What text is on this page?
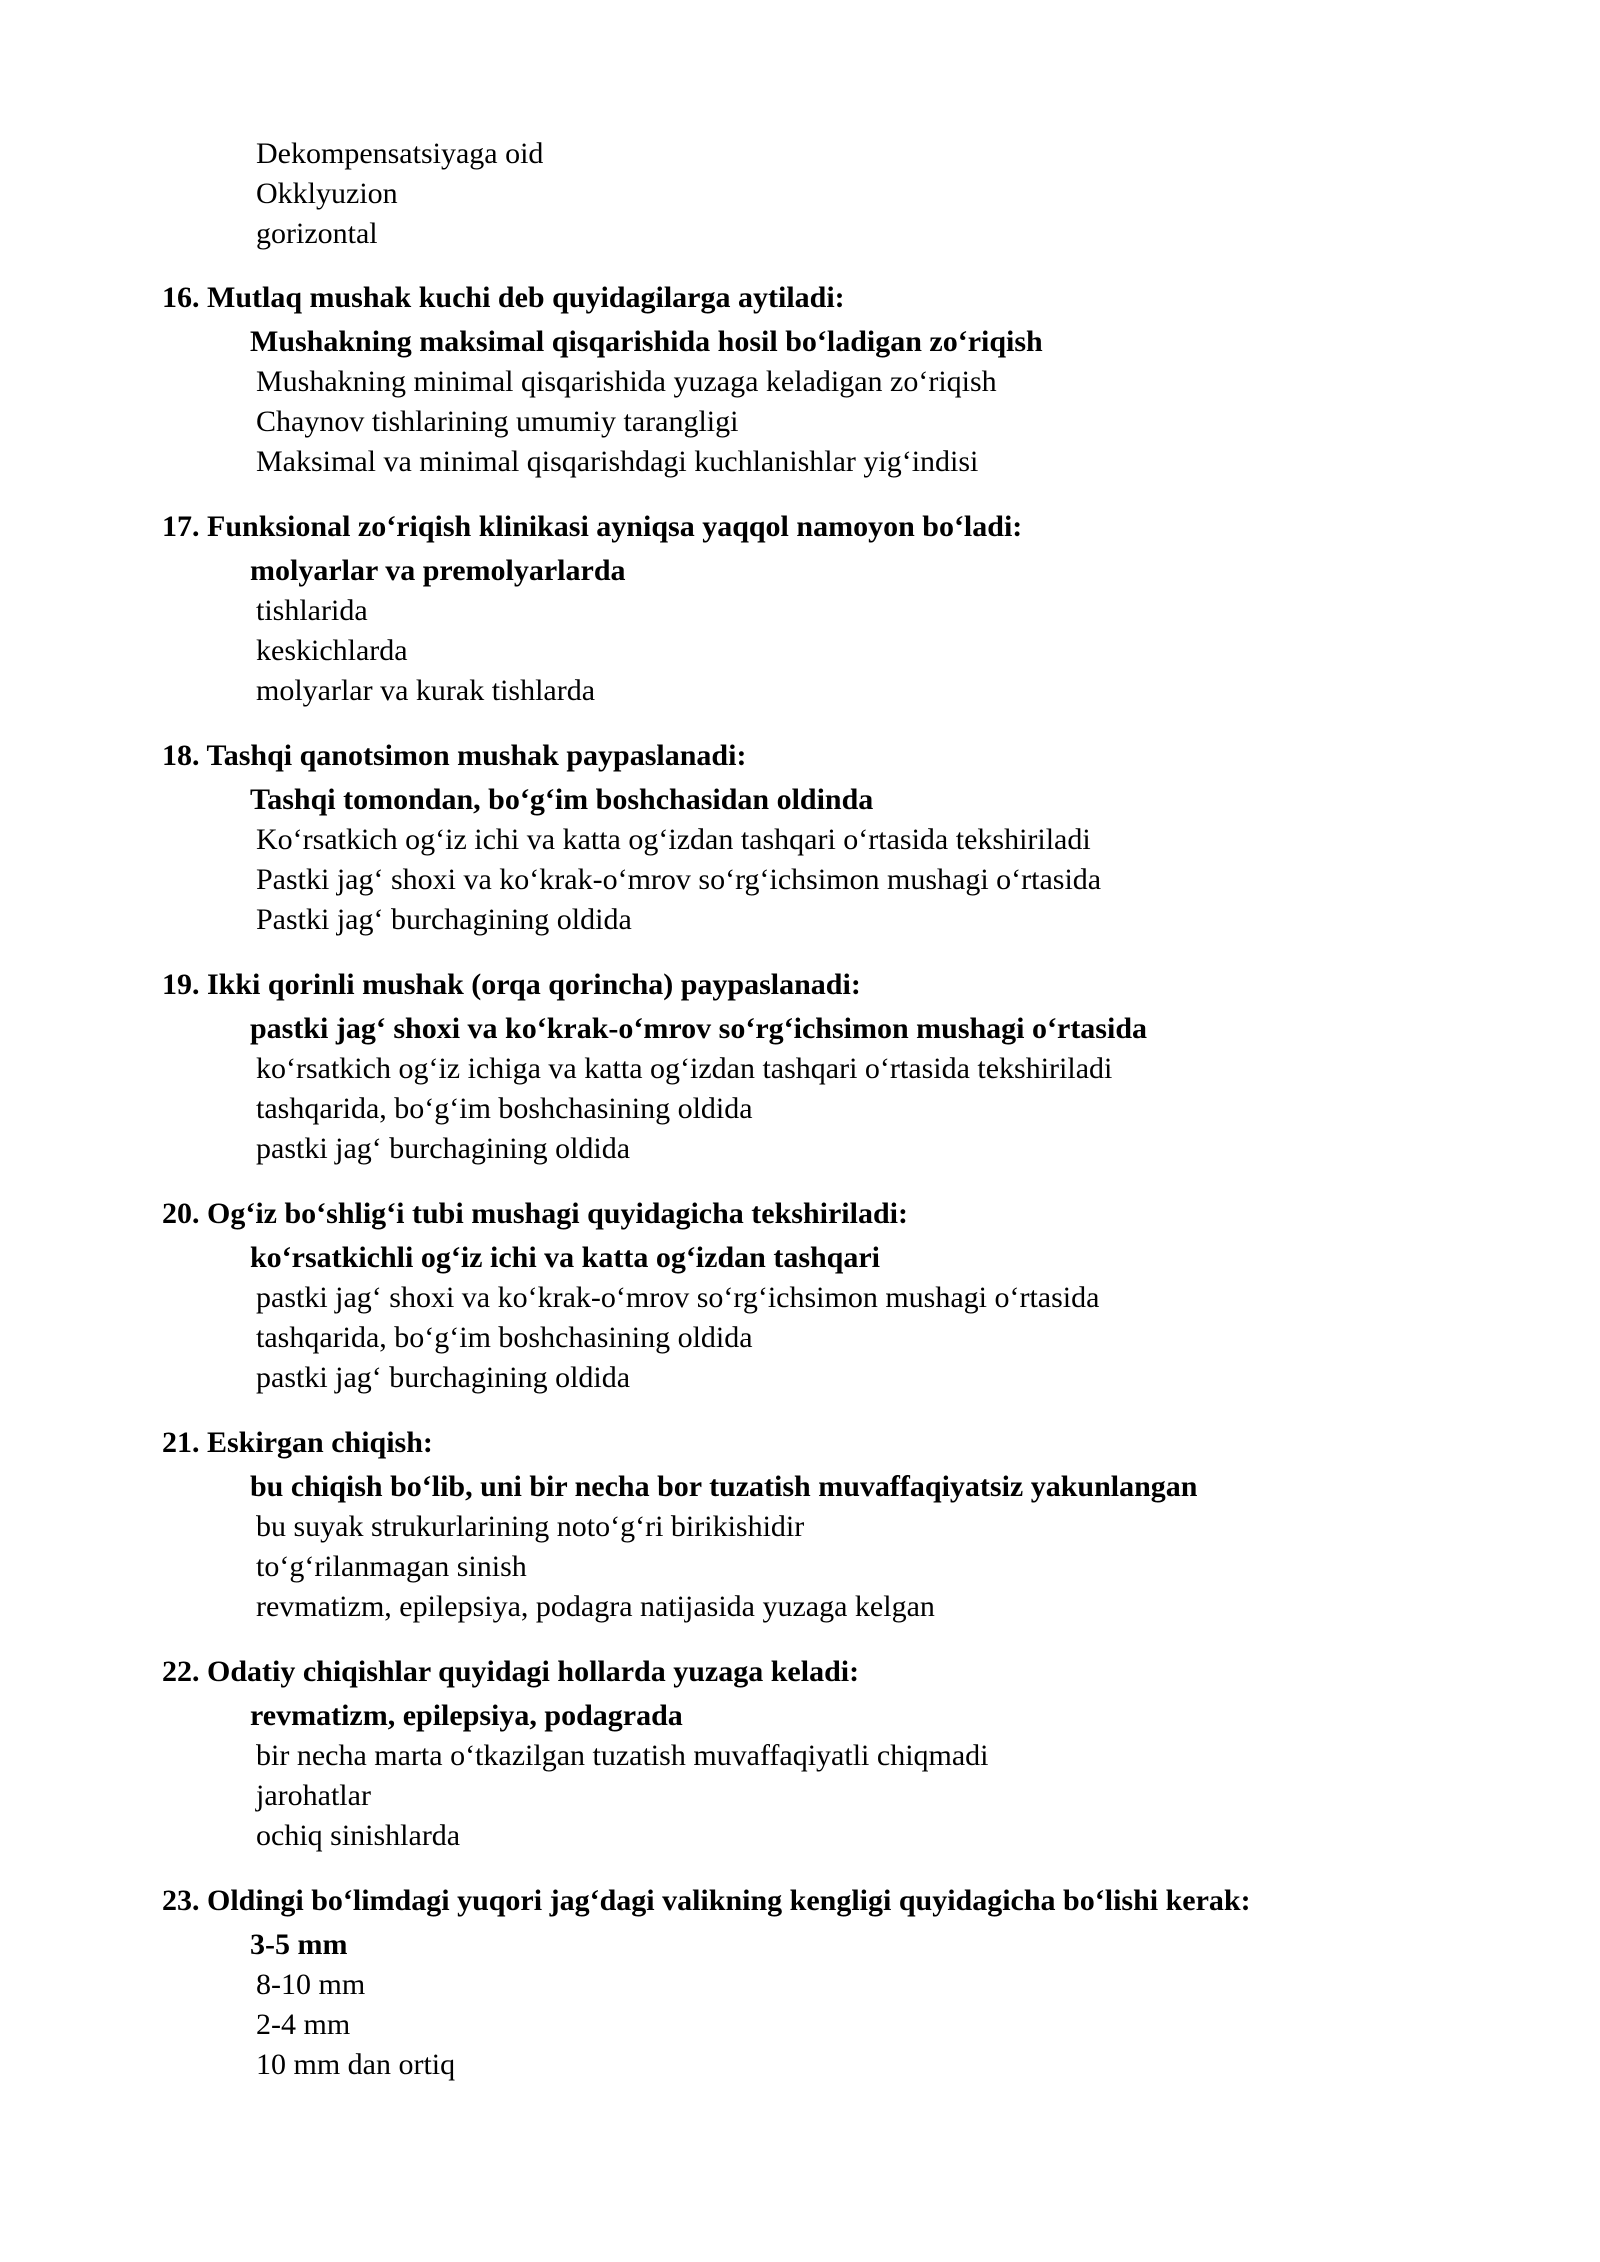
Dekompensatsiyaga oid
Okklyuzion
gorizontal
16. Mutlaq mushak kuchi deb quyidagilarga aytiladi:
Mushakning maksimal qisqarishida hosil bo‘ladigan zo‘riqish
Mushakning minimal qisqarishida yuzaga keladigan zo‘riqish
Chaynov tishlarining umumiy tarangligi
Maksimal va minimal qisqarishdagi kuchlanishlar yig‘indisi
17. Funksional zo‘riqish klinikasi ayniqsa yaqqol namoyon bo‘ladi:
molyarlar va premolyarlarda
tishlarida
keskichlarda
molyarlar va kurak tishlarda
18. Tashqi qanotsimon mushak paypaslanadi:
Tashqi tomondan, bo‘g‘im boshchasidan oldinda
Ko‘rsatkich og‘iz ichi va katta og‘izdan tashqari o‘rtasida tekshiriladi
Pastki jag‘ shoxi va ko‘krak-o‘mrov so‘rg‘ichsimon mushagi o‘rtasida
Pastki jag‘ burchagining oldida
19. Ikki qorinli mushak (orqa qorincha) paypaslanadi:
pastki jag‘ shoxi va ko‘krak-o‘mrov so‘rg‘ichsimon mushagi o‘rtasida
ko‘rsatkich og‘iz ichiga va katta og‘izdan tashqari o‘rtasida tekshiriladi
tashqarida, bo‘g‘im boshchasining oldida
pastki jag‘ burchagining oldida
20. Og‘iz bo‘shlig‘i tubi mushagi quyidagicha tekshiriladi:
ko‘rsatkichli og‘iz ichi va katta og‘izdan tashqari
pastki jag‘ shoxi va ko‘krak-o‘mrov so‘rg‘ichsimon mushagi o‘rtasida
tashqarida, bo‘g‘im boshchasining oldida
pastki jag‘ burchagining oldida
21. Eskirgan chiqish:
bu chiqish bo‘lib, uni bir necha bor tuzatish muvaffaqiyatsiz yakunlangan
bu suyak strukurlarining noto‘g‘ri birikishidir
to‘g‘rilanmagan sinish
revmatizm, epilepsiya, podagra natijasida yuzaga kelgan
22. Odatiy chiqishlar quyidagi hollarda yuzaga keladi:
revmatizm, epilepsiya, podagrada
bir necha marta o‘tkazilgan tuzatish muvaffaqiyatli chiqmadi
jarohatlar
ochiq sinishlarda
23. Oldingi bo‘limdagi yuqori jag‘dagi valikning kengligi quyidagicha bo‘lishi kerak:
3-5 mm
8-10 mm
2-4 mm
10 mm dan ortiq
